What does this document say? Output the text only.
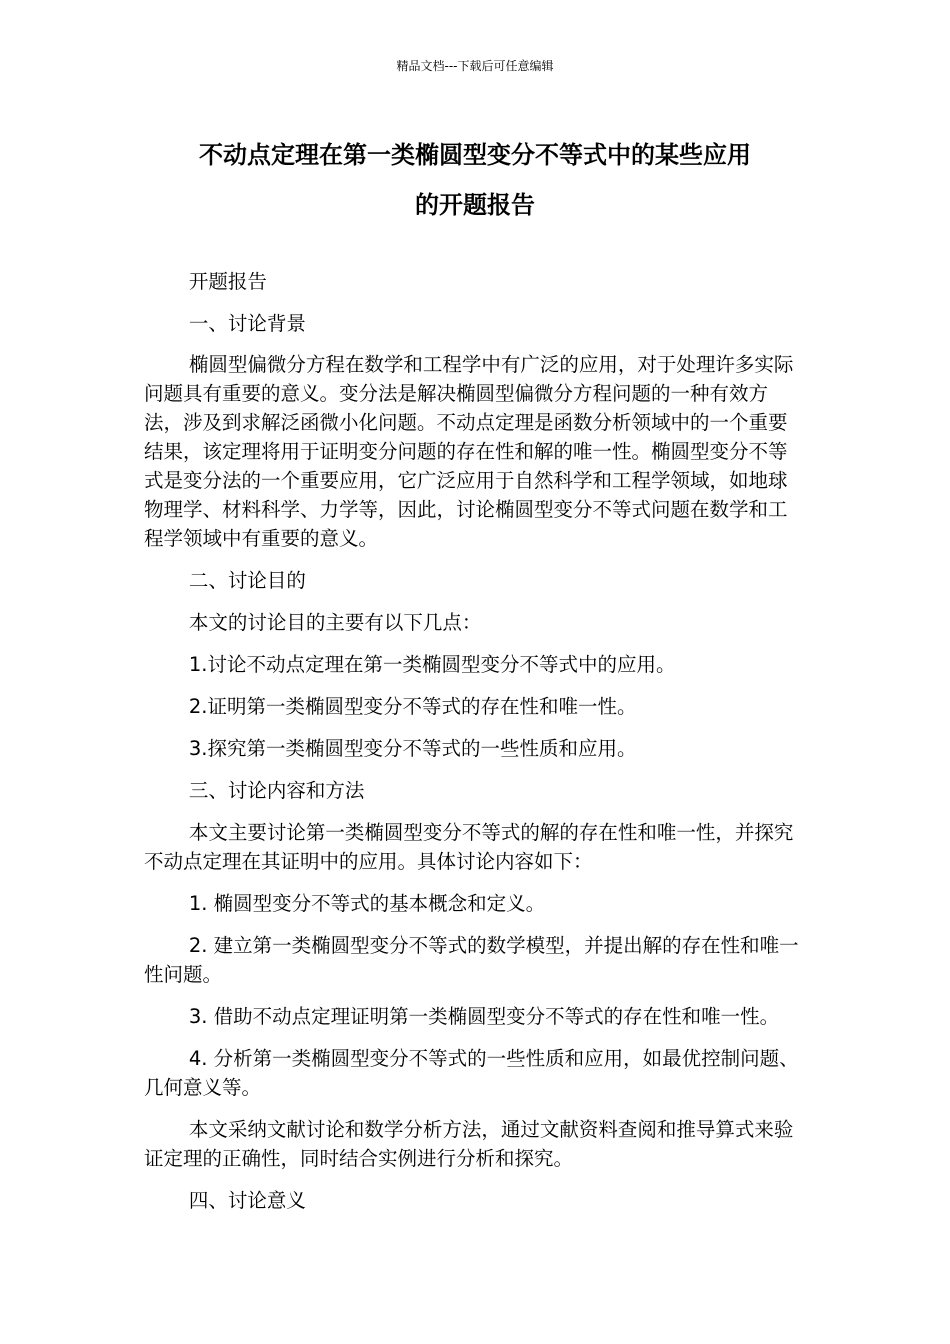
精品文档---下载后可任意编辑
不动点定理在第一类椭圆型变分不等式中的某些应用
的开题报告

开题报告

一、讨论背景

椭圆型偏微分方程在数学和工程学中有广泛的应用，对于处理许多实际问题具有重要的意义。变分法是解决椭圆型偏微分方程问题的一种有效方法，涉及到求解泛函微小化问题。不动点定理是函数分析领域中的一个重要结果，该定理将用于证明变分问题的存在性和解的唯一性。椭圆型变分不等式是变分法的一个重要应用，它广泛应用于自然科学和工程学领域，如地球物理学、材料科学、力学等，因此，讨论椭圆型变分不等式问题在数学和工程学领域中有重要的意义。

二、讨论目的

本文的讨论目的主要有以下几点：

1.讨论不动点定理在第一类椭圆型变分不等式中的应用。

2.证明第一类椭圆型变分不等式的存在性和唯一性。

3.探究第一类椭圆型变分不等式的一些性质和应用。

三、讨论内容和方法

本文主要讨论第一类椭圆型变分不等式的解的存在性和唯一性，并探究不动点定理在其证明中的应用。具体讨论内容如下：

1. 椭圆型变分不等式的基本概念和定义。

2. 建立第一类椭圆型变分不等式的数学模型，并提出解的存在性和唯一性问题。

3. 借助不动点定理证明第一类椭圆型变分不等式的存在性和唯一性。

4. 分析第一类椭圆型变分不等式的一些性质和应用，如最优控制问题、几何意义等。

本文采纳文献讨论和数学分析方法，通过文献资料查阅和推导算式来验证定理的正确性，同时结合实例进行分析和探究。

四、讨论意义
